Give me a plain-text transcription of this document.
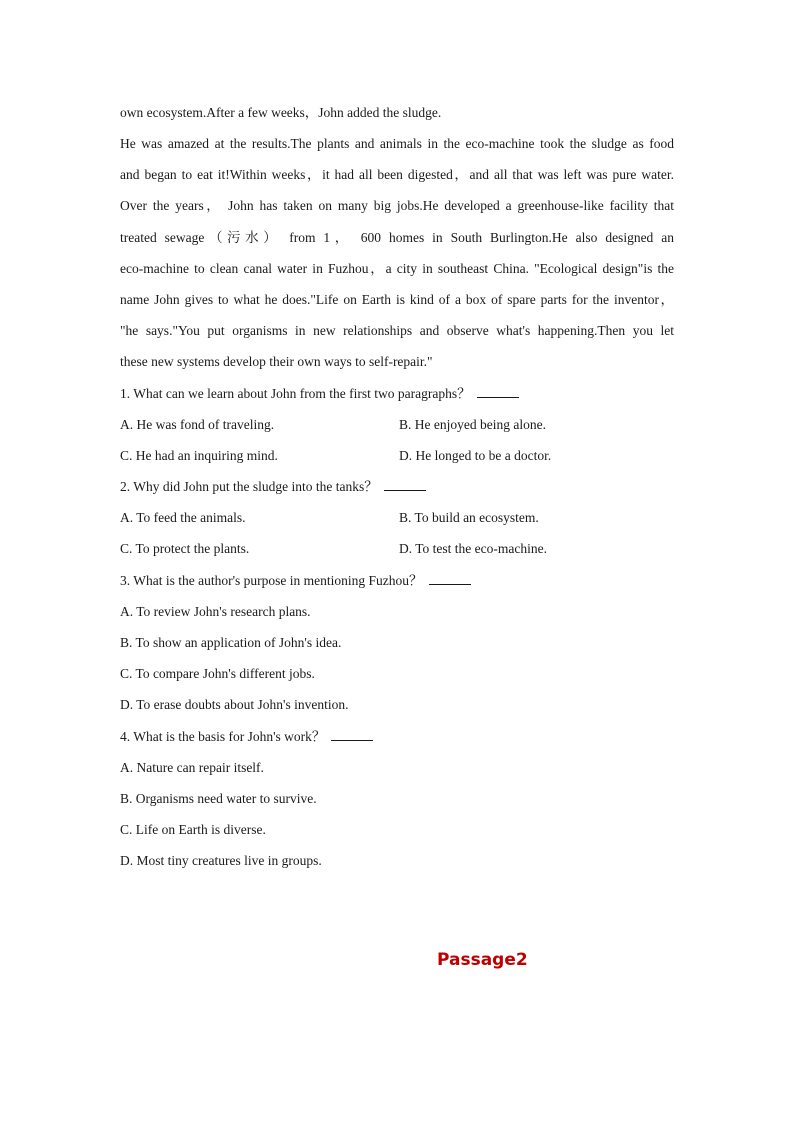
own ecosystem.After a few weeks，John added the sludge.
He was amazed at the results.The plants and animals in the eco-machine took the sludge as food
and began to eat it!Within weeks，it had all been digested，and all that was left was pure water.
Over the years， John has taken on many big jobs.He developed a greenhouse-like facility that
treated sewage（污水） from 1， 600 homes in South Burlington.He also designed an
eco-machine to clean canal water in Fuzhou，a city in southeast China. "Ecological design"is the
name John gives to what he does."Life on Earth is kind of a box of spare parts for the inventor，
"he says."You put organisms in new relationships and observe what's happening.Then you let
these new systems develop their own ways to self-repair."
1. What can we learn about John from the first two paragraphs？
A. He was fond of traveling.	B. He enjoyed being alone.
C. He had an inquiring mind.	D. He longed to be a doctor.
2. Why did John put the sludge into the tanks？
A. To feed the animals.	B. To build an ecosystem.
C. To protect the plants.	D. To test the eco-machine.
3. What is the author's purpose in mentioning Fuzhou？
A. To review John's research plans.
B. To show an application of John's idea.
C. To compare John's different jobs.
D. To erase doubts about John's invention.
4. What is the basis for John's work？
A. Nature can repair itself.
B. Organisms need water to survive.
C. Life on Earth is diverse.
D. Most tiny creatures live in groups.
Passage2
